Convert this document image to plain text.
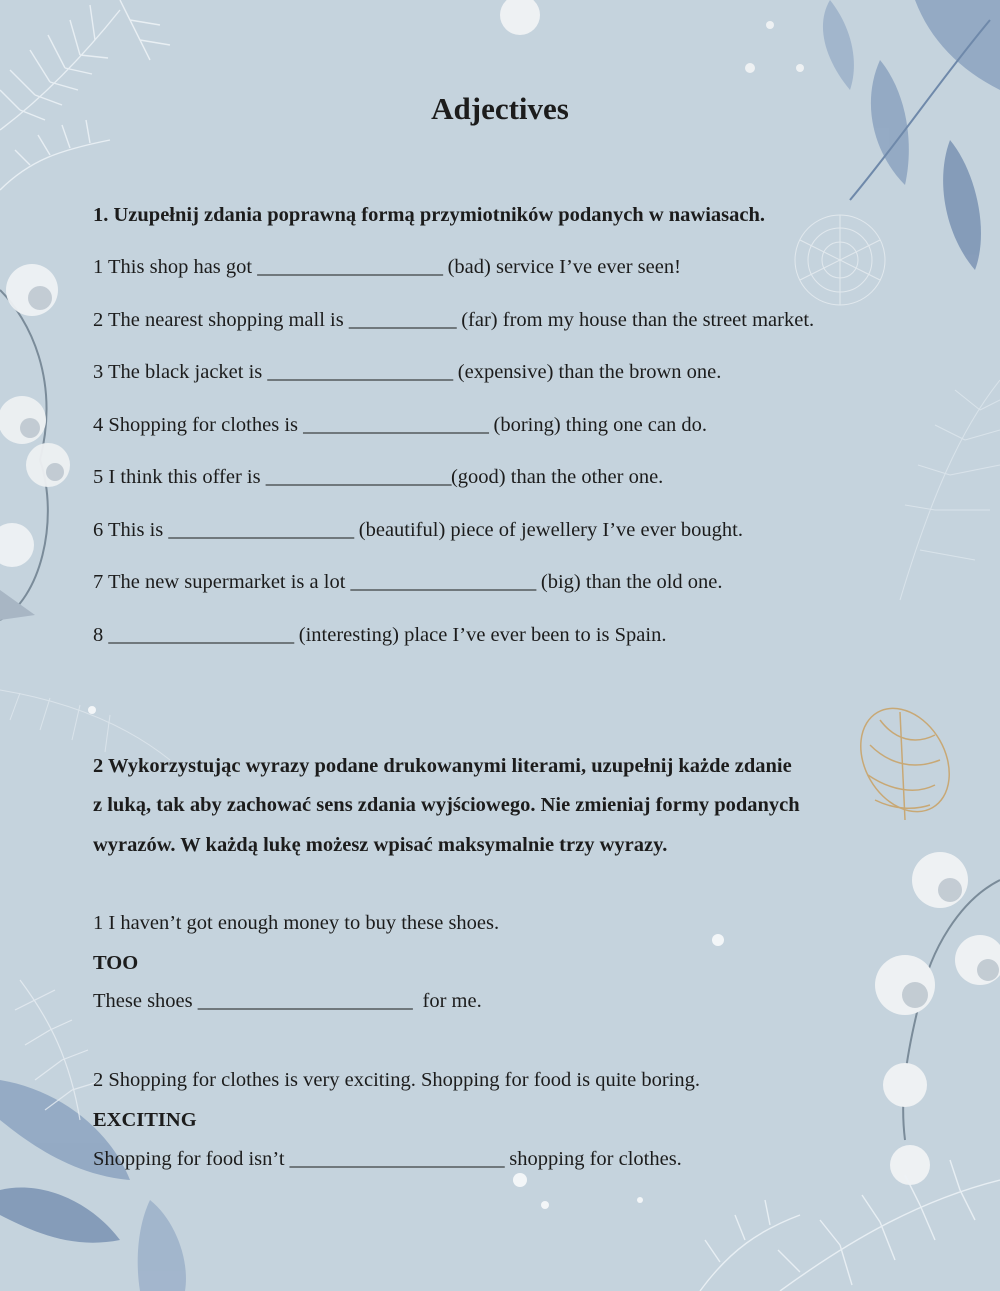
Adjectives
1. Uzupełnij zdania poprawną formą przymiotników podanych w nawiasach.
1 This shop has got ___________________ (bad) service I’ve ever seen!
2 The nearest shopping mall is ___________ (far) from my house than the street market.
3 The black jacket is ___________________ (expensive) than the brown one.
4 Shopping for clothes is ___________________ (boring) thing one can do.
5 I think this offer is ___________________(good) than the other one.
6 This is ___________________ (beautiful) piece of jewellery I’ve ever bought.
7 The new supermarket is a lot ___________________ (big) than the old one.
8 ___________________ (interesting) place I’ve ever been to is Spain.
2 Wykorzystując wyrazy podane drukowanymi literami, uzupełnij każde zdanie
z luką, tak aby zachować sens zdania wyjściowego. Nie zmieniaj formy podanych
wyrazów. W każdą lukę możesz wpisać maksymalnie trzy wyrazy.
1 I haven’t got enough money to buy these shoes.
TOO
These shoes ______________________ for me.
2 Shopping for clothes is very exciting. Shopping for food is quite boring.
EXCITING
Shopping for food isn’t ______________________ shopping for clothes.
